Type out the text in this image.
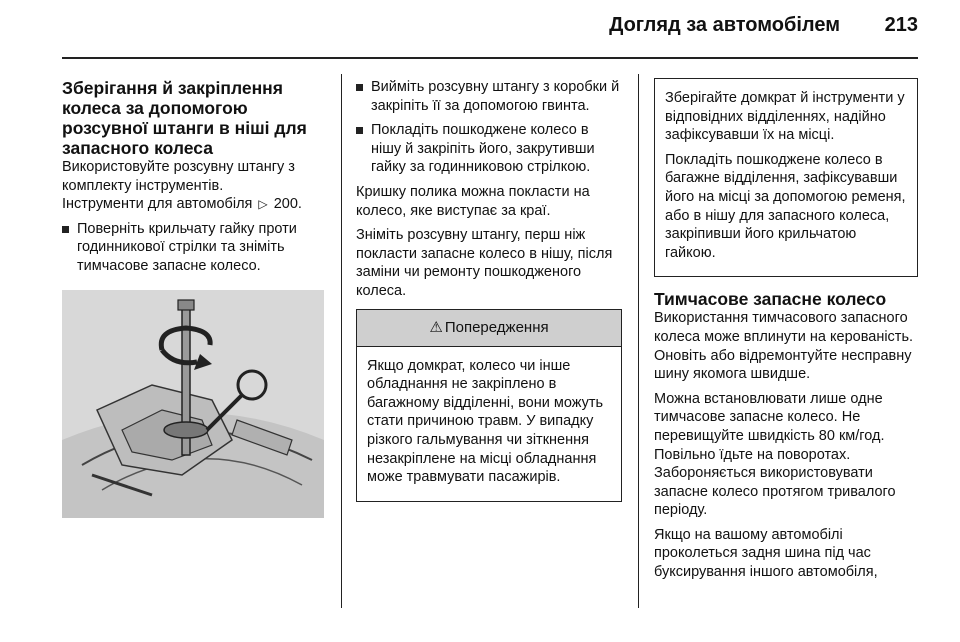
Догляд за автомобілем 213
Зберігання й закріплення колеса за допомогою розсувної штанги в ніші для запасного колеса

Використовуйте розсувну штангу з комплекту інструментів.

Інструменти для автомобіля ▷ 200.

Поверніть крильчату гайку проти годинникової стрілки та зніміть тимчасове запасне колесо.
Вийміть розсувну штангу з коробки й закріпіть її за допомогою гвинта.
Покладіть пошкоджене колесо в нішу й закріпіть його, закрутивши гайку за годинниковою стрілкою.

Кришку полика можна покласти на колесо, яке виступає за краї.

Зніміть розсувну штангу, перш ніж покласти запасне колесо в нішу, після заміни чи ремонту пошкодженого колеса.

⚠ Попередження

Якщо домкрат, колесо чи інше обладнання не закріплено в багажному відділенні, вони можуть стати причиною травм. У випадку різкого гальмування чи зіткнення незакріплене на місці обладнання може травмувати пасажирів.

Зберігайте домкрат й інструменти у відповідних відділеннях, надійно зафіксувавши їх на місці.

Покладіть пошкоджене колесо в багажне відділення, зафіксувавши його на місці за допомогою ременя, або в нішу для запасного колеса, закріпивши його крильчатою гайкою.

Тимчасове запасне колесо

Використання тимчасового запасного колеса може вплинути на керованість. Оновіть або відремонтуйте несправну шину якомога швидше.

Можна встановлювати лише одне тимчасове запасне колесо. Не перевищуйте швидкість 80 км/год. Повільно їдьте на поворотах. Забороняється використовувати запасне колесо протягом тривалого періоду.

Якщо на вашому автомобілі проколеться задня шина під час буксирування іншого автомобіля,
